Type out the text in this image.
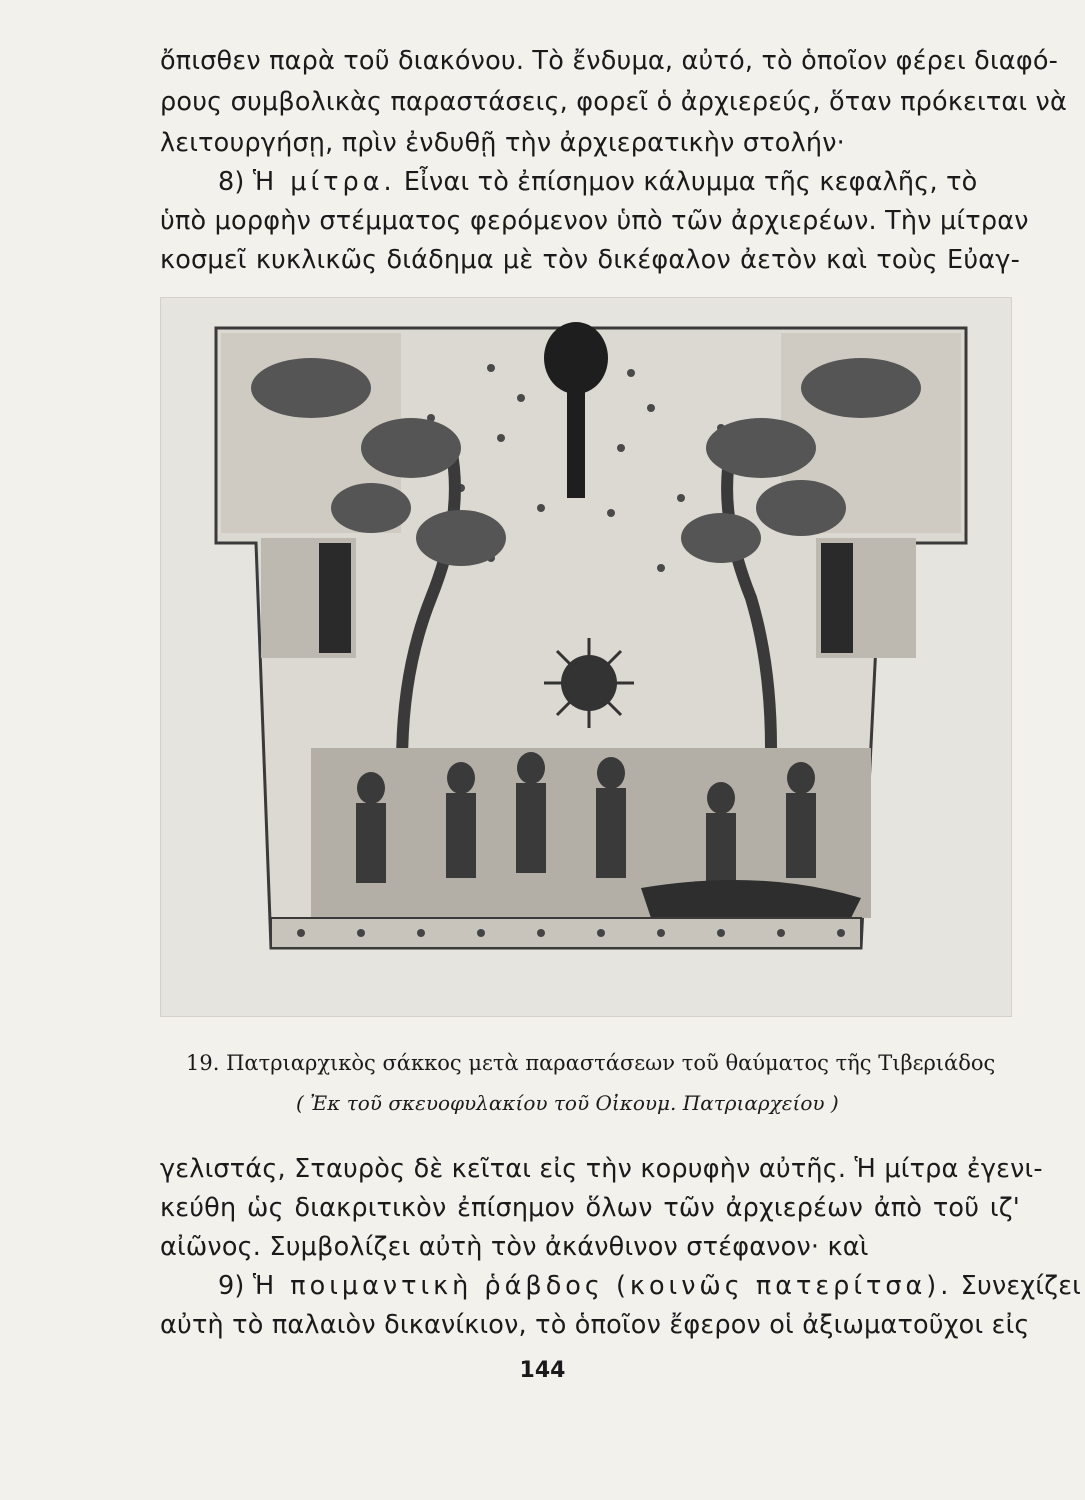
ὄπισθεν παρὰ τοῦ διακόνου. Τὸ ἔνδυμα, αὐτό, τὸ ὁποῖον φέρει διαφό-
ρους συμβολικὰς παραστάσεις, φορεῖ ὁ ἀρχιερεύς, ὅταν πρόκειται νὰ
λειτουργήσῃ, πρὶν ἐνδυθῇ τὴν ἀρχιερατικὴν στολήν·
8) Ἡ μίτρα. Εἶναι τὸ ἐπίσημον κάλυμμα τῆς κεφαλῆς, τὸ
ὑπὸ μορφὴν στέμματος φερόμενον ὑπὸ τῶν ἀρχιερέων. Τὴν μίτραν
κοσμεῖ κυκλικῶς διάδημα μὲ τὸν δικέφαλον ἀετὸν καὶ τοὺς Εὐαγ-
19. Πατριαρχικὸς σάκκος μετὰ παραστάσεων τοῦ θαύματος τῆς Τιβεριάδος
( Ἐκ τοῦ σκευοφυλακίου τοῦ Οἰκουμ. Πατριαρχείου )
γελιστάς, Σταυρὸς δὲ κεῖται εἰς τὴν κορυφὴν αὐτῆς. Ἡ μίτρα ἐγενι-
κεύθη ὡς διακριτικὸν ἐπίσημον ὅλων τῶν ἀρχιερέων ἀπὸ τοῦ ιζ'
αἰῶνος. Συμβολίζει αὐτὴ τὸν ἀκάνθινον στέφανον· καὶ
9) Ἡ ποιμαντικὴ ῥάβδος (κοινῶς πατερίτσα). Συνεχίζει
αὐτὴ τὸ παλαιὸν δικανίκιον, τὸ ὁποῖον ἔφερον οἱ ἀξιωματοῦχοι εἰς
144
